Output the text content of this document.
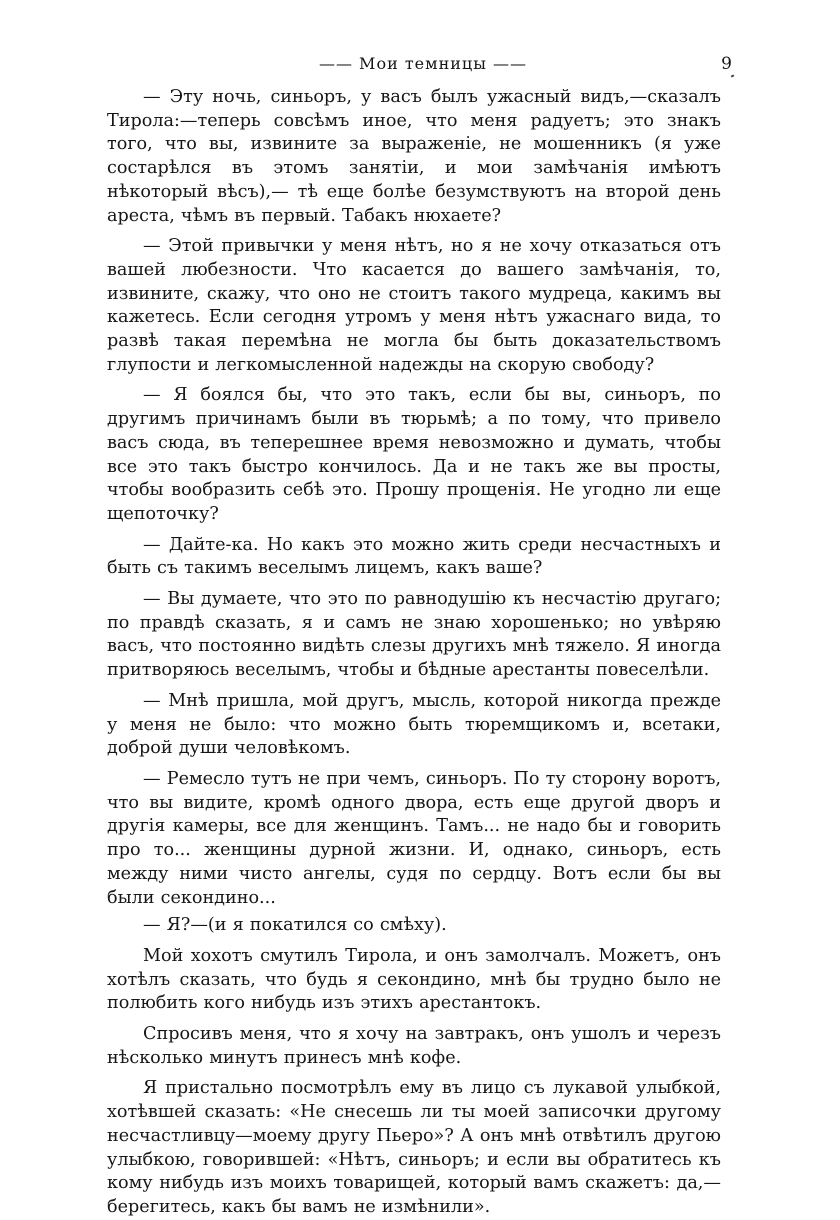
—— Мои темницы ——	9

— Эту ночь, синьоръ, у васъ былъ ужасный видъ,—сказалъ Тирола:—теперь совсѣмъ иное, что меня радуетъ; это знакъ того, что вы, извините за выраженіе, не мошенникъ (я уже состарѣлся въ этомъ занятіи, и мои замѣчанія имѣютъ нѣкоторый вѣсъ),— тѣ еще болѣе безумствуютъ на второй день ареста, чѣмъ въ первый. Табакъ нюхаете?

— Этой привычки у меня нѣтъ, но я не хочу отказаться отъ вашей любезности. Что касается до вашего замѣчанія, то, извините, скажу, что оно не стоитъ такого мудреца, какимъ вы кажетесь. Если сегодня утромъ у меня нѣтъ ужаснаго вида, то развѣ такая перемѣна не могла бы быть доказательствомъ глупости и легкомысленной надежды на скорую свободу?

— Я боялся бы, что это такъ, если бы вы, синьоръ, по другимъ причинамъ были въ тюрьмѣ; а по тому, что привело васъ сюда, въ теперешнее время невозможно и думать, чтобы все это такъ быстро кончилось. Да и не такъ же вы просты, чтобы вообразить себѣ это. Прошу прощенія. Не угодно ли еще щепоточку?

— Дайте-ка. Но какъ это можно жить среди несчастныхъ и быть съ такимъ веселымъ лицемъ, какъ ваше?

— Вы думаете, что это по равнодушію къ несчастію другаго; по правдѣ сказать, я и самъ не знаю хорошенько; но увѣряю васъ, что постоянно видѣть слезы другихъ мнѣ тяжело. Я иногда притворяюсь веселымъ, чтобы и бѣдные арестанты повеселѣли.

— Мнѣ пришла, мой другъ, мысль, которой никогда прежде у меня не было: что можно быть тюремщикомъ и, всетаки, доброй души человѣкомъ.

— Ремесло тутъ не при чемъ, синьоръ. По ту сторону воротъ, что вы видите, кромѣ одного двора, есть еще другой дворъ и другія камеры, все для женщинъ. Тамъ... не надо бы и говорить про то... женщины дурной жизни. И, однако, синьоръ, есть между ними чисто ангелы, судя по сердцу. Вотъ если бы вы были секондино...

— Я?—(и я покатился со смѣху).

Мой хохотъ смутилъ Тирола, и онъ замолчалъ. Можетъ, онъ хотѣлъ сказать, что будь я секондино, мнѣ бы трудно было не полюбить кого нибудь изъ этихъ арестантокъ.

Спросивъ меня, что я хочу на завтракъ, онъ ушолъ и черезъ нѣсколько минутъ принесъ мнѣ кофе.

Я пристально посмотрѣлъ ему въ лицо съ лукавой улыбкой, хотѣвшей сказать: «Не снесешь ли ты моей записочки другому несчастливцу—моему другу Пьеро»? А онъ мнѣ отвѣтилъ другою улыбкою, говорившей: «Нѣтъ, синьоръ; и если вы обратитесь къ кому нибудь изъ моихъ товарищей, который вамъ скажетъ: да,— берегитесь, какъ бы вамъ не измѣнили».
